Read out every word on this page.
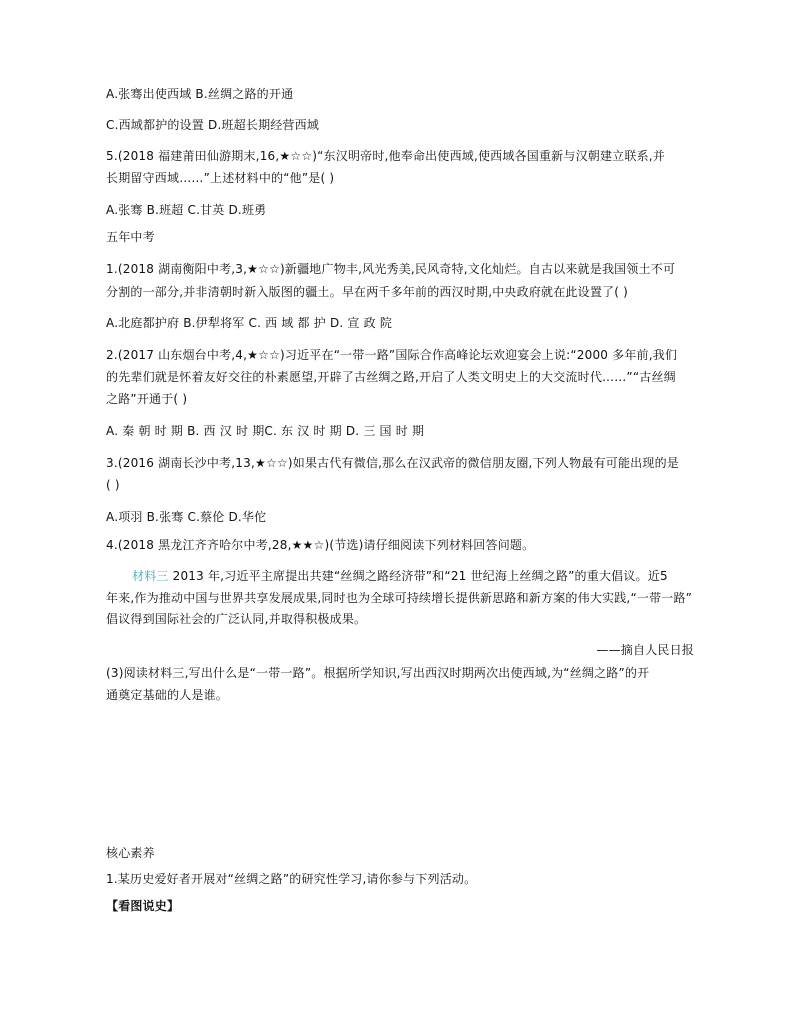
A.张骞出使西域 B.丝绸之路的开通
C.西域都护的设置 D.班超长期经营西域
5.(2018 福建莆田仙游期末,16,★☆☆)“东汉明帝时,他奉命出使西域,使西域各国重新与汉朝建立联系,并
长期留守西域……”上述材料中的“他”是( )
A.张骞 B.班超 C.甘英 D.班勇
五年中考
1.(2018 湖南衡阳中考,3,★☆☆)新疆地广物丰,风光秀美,民风奇特,文化灿烂。自古以来就是我国领土不可
分割的一部分,并非清朝时新入版图的疆土。早在两千多年前的西汉时期,中央政府就在此设置了( )
A.北庭都护府 B.伊犁将军 C. 西 域 都 护 D. 宣 政 院
2.(2017 山东烟台中考,4,★☆☆)习近平在“一带一路”国际合作高峰论坛欢迎宴会上说:“2000 多年前,我们
的先辈们就是怀着友好交往的朴素愿望,开辟了古丝绸之路,开启了人类文明史上的大交流时代……”“古丝绸
之路”开通于( )
A. 秦 朝 时 期 B. 西 汉 时 期C. 东 汉 时 期 D. 三 国 时 期
3.(2016 湖南长沙中考,13,★☆☆)如果古代有微信,那么在汉武帝的微信朋友圈,下列人物最有可能出现的是
( )
A.项羽 B.张骞 C.蔡伦 D.华佗
4.(2018 黑龙江齐齐哈尔中考,28,★★☆)(节选)请仔细阅读下列材料回答问题。
材料三 2013 年,习近平主席提出共建“丝绸之路经济带”和“21 世纪海上丝绸之路”的重大倡议。近5
年来,作为推动中国与世界共享发展成果,同时也为全球可持续增长提供新思路和新方案的伟大实践,“一带一路”
倡议得到国际社会的广泛认同,并取得积极成果。
——摘自人民日报
(3)阅读材料三,写出什么是“一带一路”。根据所学知识,写出西汉时期两次出使西域,为“丝绸之路”的开
通奠定基础的人是谁。
核心素养
1.某历史爱好者开展对“丝绸之路”的研究性学习,请你参与下列活动。
【看图说史】
